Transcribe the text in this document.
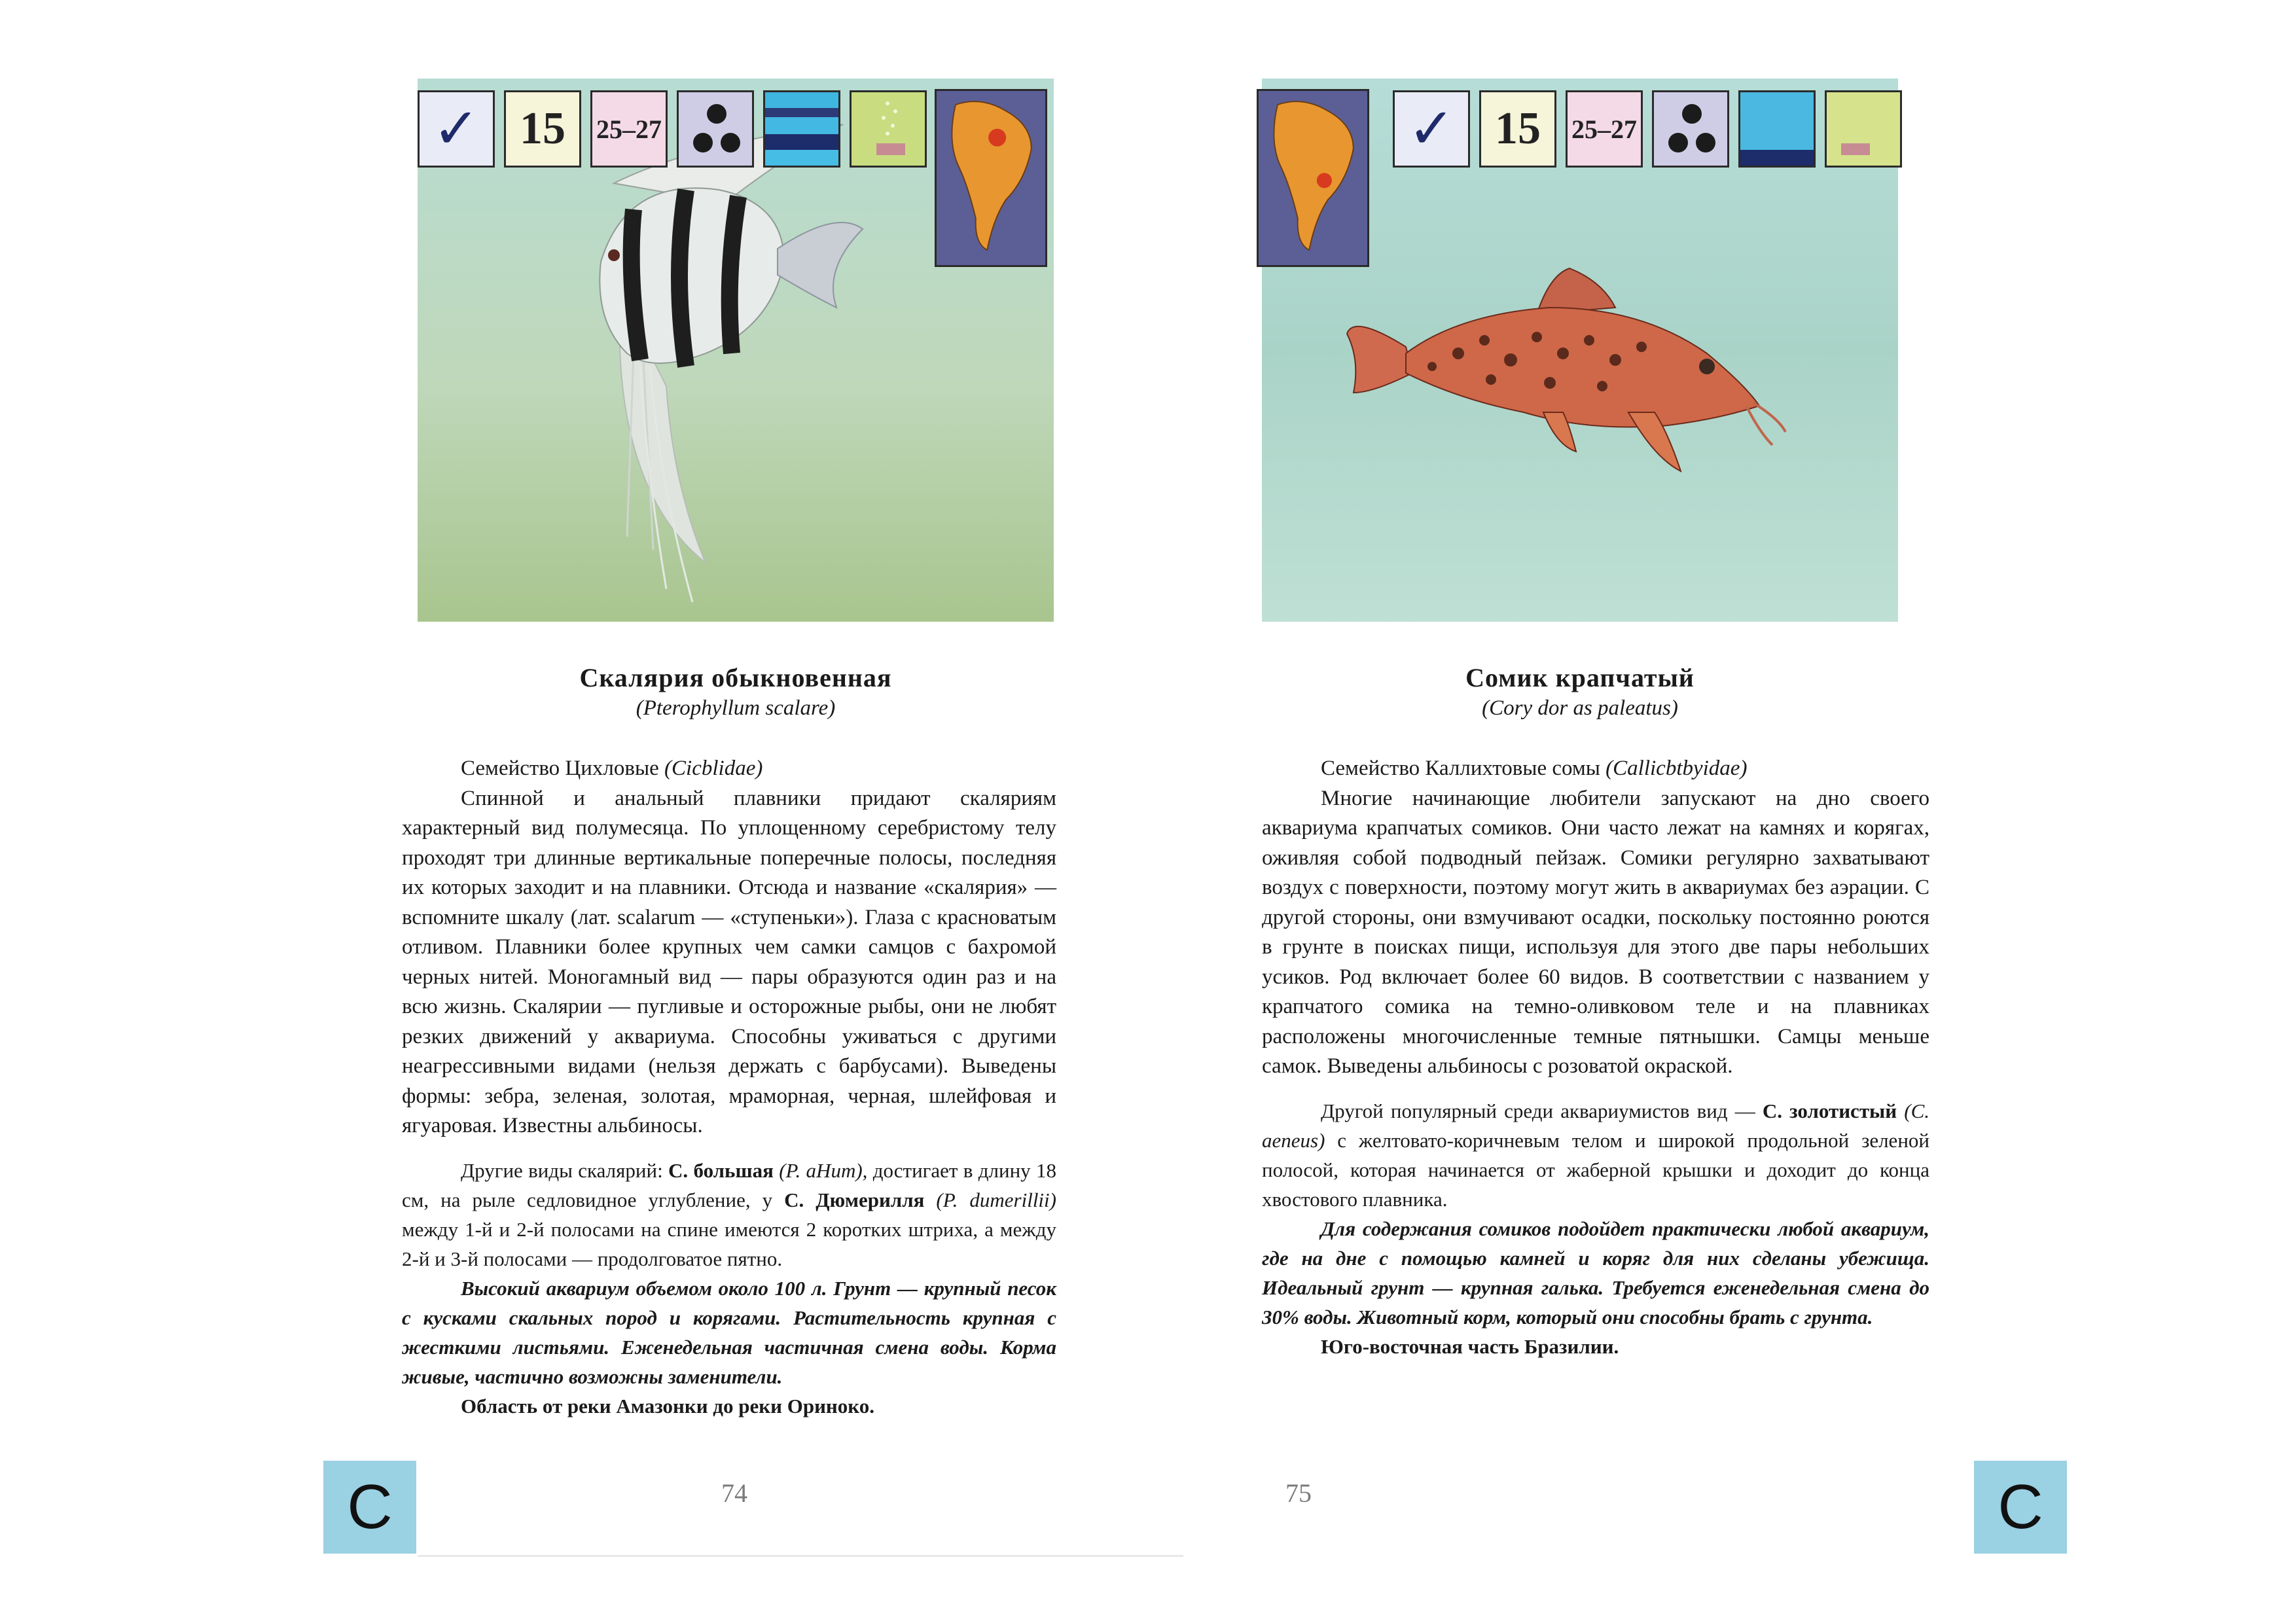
✓ 15 25–27
Скалярия обыкновенная
(Pterophyllum scalare)

Семейство Цихловые (Cicblidae)

Спинной и анальный плавники придают скаляриям характерный вид полумесяца. По уплощенному серебристому телу проходят три длинные вертикальные поперечные полосы, последняя их которых заходит и на плавники. Отсюда и название «скалярия» — вспомните шкалу (лат. scalarum — «ступеньки»). Глаза с красноватым отливом. Плавники более крупных чем самки самцов с бахромой черных нитей. Моногамный вид — пары образуются один раз и на всю жизнь. Скалярии — пугливые и осторожные рыбы, они не любят резких движений у аквариума. Способны уживаться с другими неагрессивными видами (нельзя держать с барбусами). Выведены формы: зебра, зеленая, золотая, мраморная, черная, шлейфовая и ягуаровая. Известны альбиносы.

Другие виды скалярий: С. большая (P. aHum), достигает в длину 18 см, на рыле седловидное углубление, у С. Дюмерилля (P. dumerillii) между 1-й и 2-й полосами на спине имеются 2 коротких штриха, а между 2-й и 3-й полосами — продолговатое пятно.

Высокий аквариум объемом около 100 л. Грунт — крупный песок с кусками скальных пород и корягами. Растительность крупная с жесткими листьями. Еженедельная частичная смена воды. Корма живые, частично возможны заменители.

Область от реки Амазонки до реки Ориноко.

С	74
✓ 15 25–27
Сомик крапчатый
(Cory dor as paleatus)

Семейство Каллихтовые сомы (Callicbtbyidae)

Многие начинающие любители запускают на дно своего аквариума крапчатых сомиков. Они часто лежат на камнях и корягах, оживляя собой подводный пейзаж. Сомики регулярно захватывают воздух с поверхности, поэтому могут жить в аквариумах без аэрации. С другой стороны, они взмучивают осадки, поскольку постоянно роются в грунте в поисках пищи, используя для этого две пары небольших усиков. Род включает более 60 видов. В соответствии с названием у крапчатого сомика на темно-оливковом теле и на плавниках расположены многочисленные темные пятнышки. Самцы меньше самок. Выведены альбиносы с розоватой окраской.

Другой популярный среди аквариумистов вид — С. золотистый (С. aeneus) с желтовато-коричневым телом и широкой продольной зеленой полосой, которая начинается от жаберной крышки и доходит до конца хвостового плавника.

Для содержания сомиков подойдет практически любой аквариум, где на дне с помощью камней и коряг для них сделаны убежища. Идеальный грунт — крупная галька. Требуется еженедельная смена до 30% воды. Животный корм, который они способны брать с грунта.

Юго-восточная часть Бразилии.

75	С
